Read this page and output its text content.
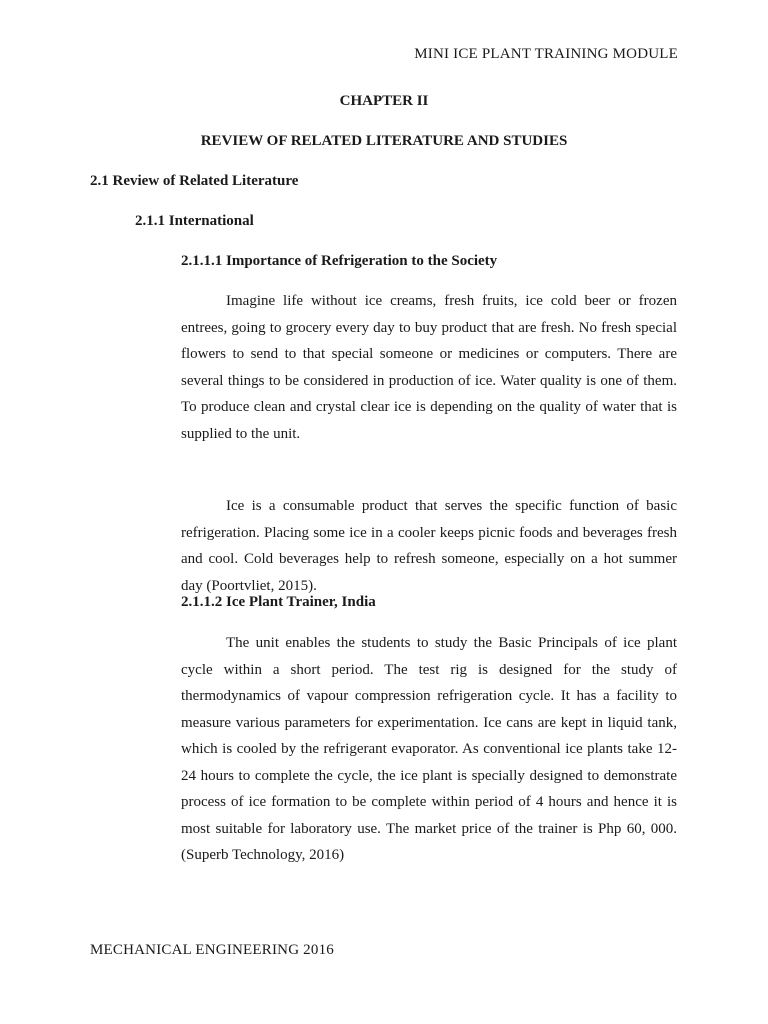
MINI ICE PLANT TRAINING MODULE
CHAPTER II
REVIEW OF RELATED LITERATURE AND STUDIES
2.1 Review of Related Literature
2.1.1 International
2.1.1.1 Importance of Refrigeration to the Society

Imagine life without ice creams, fresh fruits, ice cold beer or frozen entrees, going to grocery every day to buy product that are fresh. No fresh special flowers to send to that special someone or medicines or computers. There are several things to be considered in production of ice. Water quality is one of them. To produce clean and crystal clear ice is depending on the quality of water that is supplied to the unit.

Ice is a consumable product that serves the specific function of basic refrigeration. Placing some ice in a cooler keeps picnic foods and beverages fresh and cool. Cold beverages help to refresh someone, especially on a hot summer day (Poortvliet, 2015).

2.1.1.2 Ice Plant Trainer, India

The unit enables the students to study the Basic Principals of ice plant cycle within a short period. The test rig is designed for the study of thermodynamics of vapour compression refrigeration cycle. It has a facility to measure various parameters for experimentation. Ice cans are kept in liquid tank, which is cooled by the refrigerant evaporator. As conventional ice plants take 12-24 hours to complete the cycle, the ice plant is specially designed to demonstrate process of ice formation to be complete within period of 4 hours and hence it is most suitable for laboratory use. The market price of the trainer is Php 60, 000. (Superb Technology, 2016)

MECHANICAL ENGINEERING 2016
